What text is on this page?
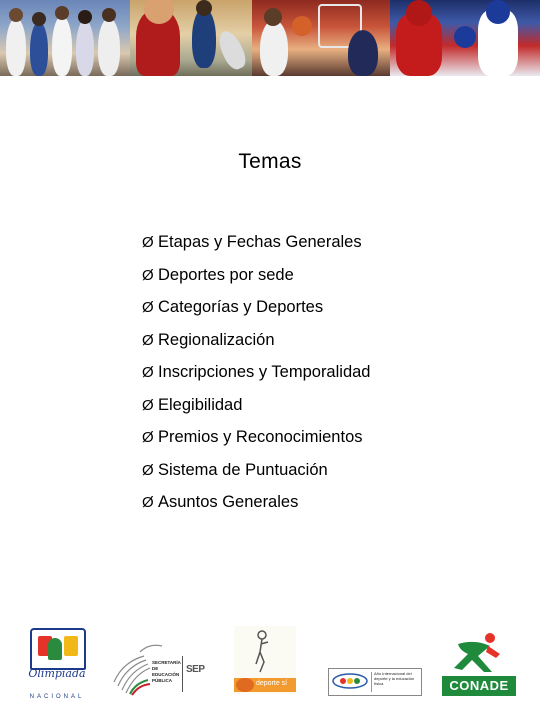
Temas
Ø Etapas y Fechas Generales
Ø Deportes por sede
Ø Categorías y Deportes
Ø Regionalización
Ø Inscripciones y Temporalidad
Ø Elegibilidad
Ø Premios y Reconocimientos
Ø Sistema de Puntuación
Ø Asuntos Generales
Olimpiada
NACIONAL
SECRETARÍA DE EDUCACIÓN PÚBLICA
SEP
deporte sí
Año Internacional del deporte y la educación física	CONADE
